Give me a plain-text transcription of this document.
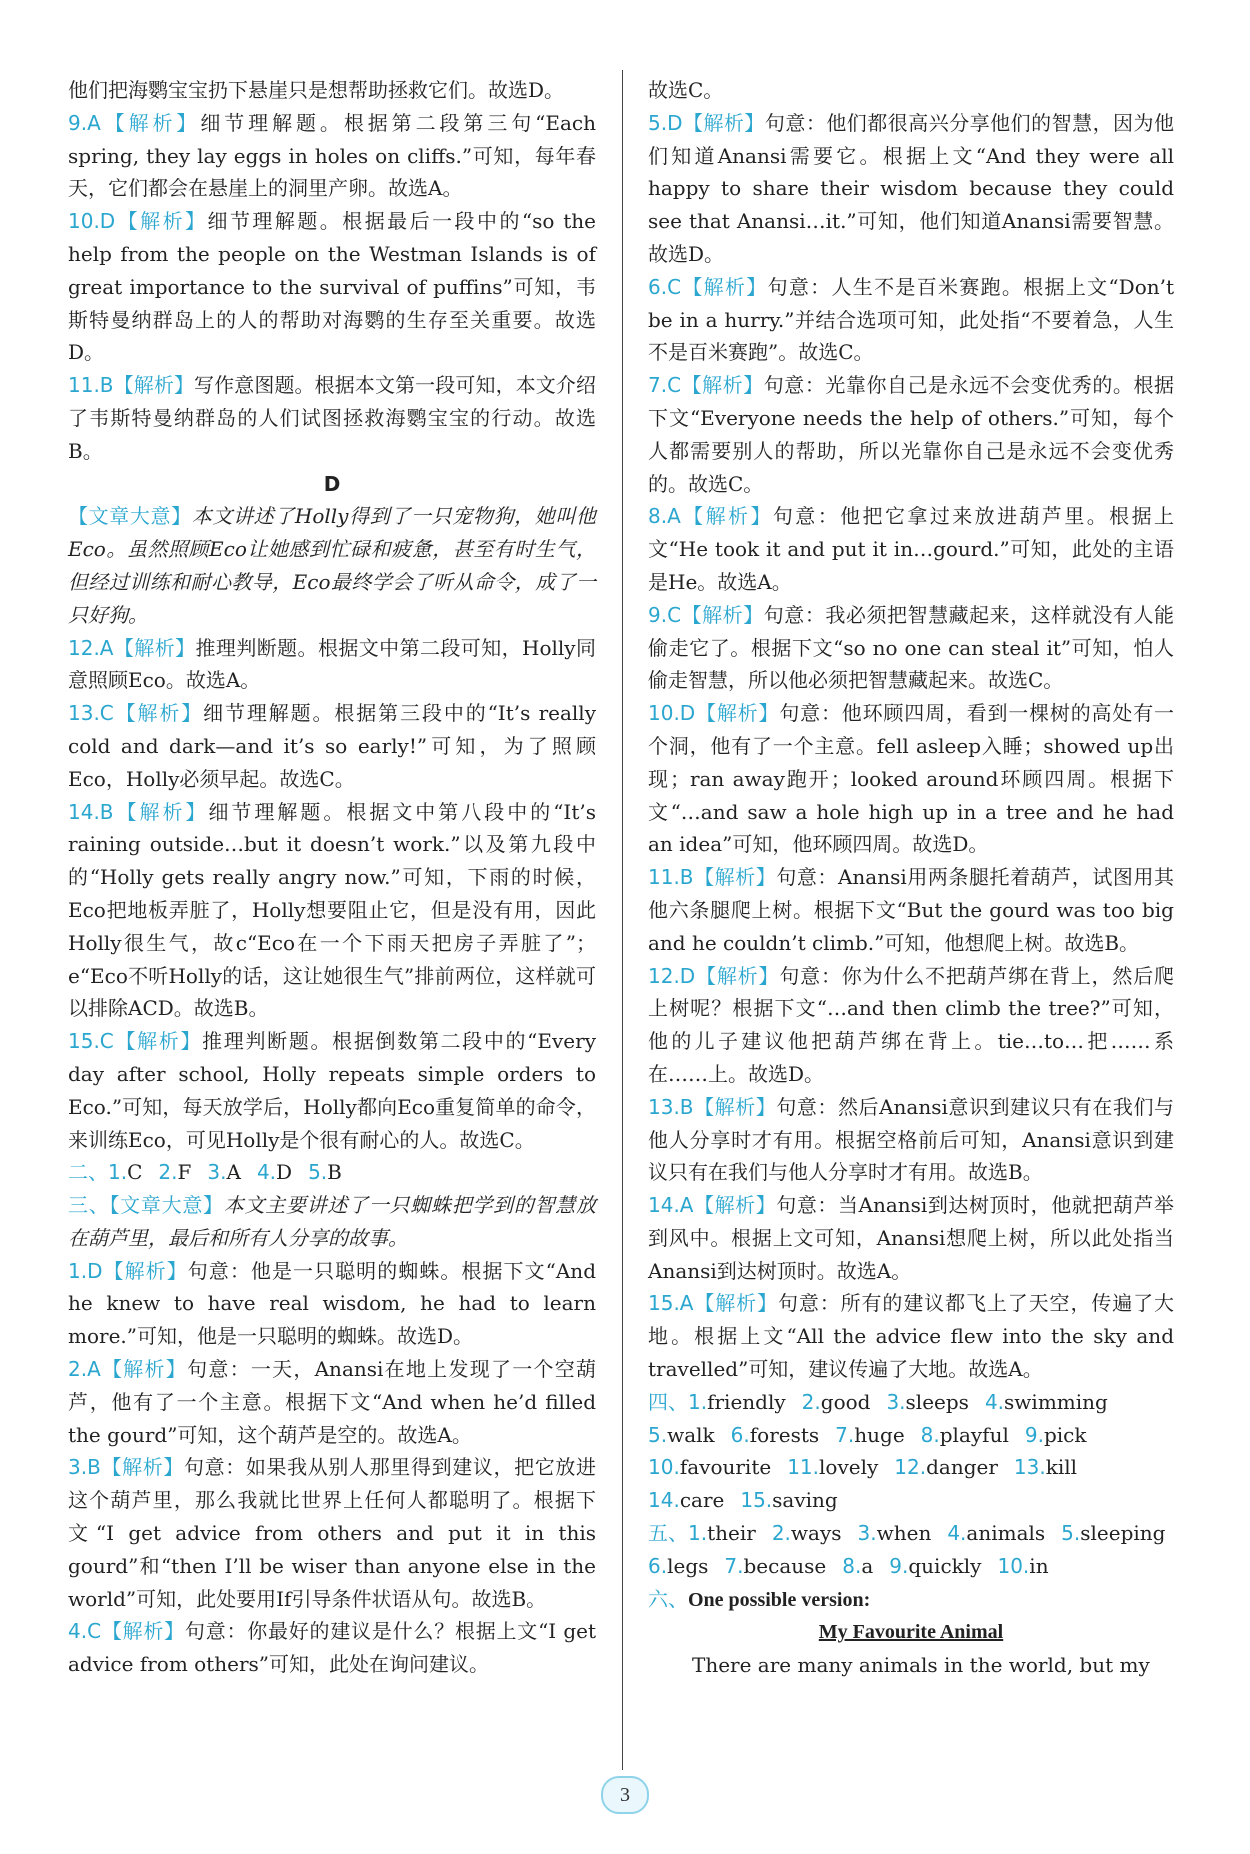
他们把海鹦宝宝扔下悬崖只是想帮助拯救它们。故选D。

9.A【解析】细节理解题。根据第二段第三句“Each spring, they lay eggs in holes on cliffs.”可知，每年春天，它们都会在悬崖上的洞里产卵。故选A。

10.D【解析】细节理解题。根据最后一段中的“so the help from the people on the Westman Islands is of great importance to the survival of puffins”可知，韦斯特曼纳群岛上的人的帮助对海鹦的生存至关重要。故选D。

11.B【解析】写作意图题。根据本文第一段可知，本文介绍了韦斯特曼纳群岛的人们试图拯救海鹦宝宝的行动。故选B。

D

【文章大意】本文讲述了Holly得到了一只宠物狗，她叫他Eco。虽然照顾Eco让她感到忙碌和疲惫，甚至有时生气，但经过训练和耐心教导，Eco最终学会了听从命令，成了一只好狗。

12.A【解析】推理判断题。根据文中第二段可知，Holly同意照顾Eco。故选A。

13.C【解析】细节理解题。根据第三段中的“It’s really cold and dark—and it’s so early!”可知，为了照顾Eco，Holly必须早起。故选C。

14.B【解析】细节理解题。根据文中第八段中的“It’s raining outside…but it doesn’t work.”以及第九段中的“Holly gets really angry now.”可知，下雨的时候，Eco把地板弄脏了，Holly想要阻止它，但是没有用，因此Holly很生气，故c“Eco在一个下雨天把房子弄脏了”；e“Eco不听Holly的话，这让她很生气”排前两位，这样就可以排除ACD。故选B。

15.C【解析】推理判断题。根据倒数第二段中的“Every day after school, Holly repeats simple orders to Eco.”可知，每天放学后，Holly都向Eco重复简单的命令，来训练Eco，可见Holly是个很有耐心的人。故选C。

二、1.C 2.F 3.A 4.D 5.B

三、【文章大意】本文主要讲述了一只蜘蛛把学到的智慧放在葫芦里，最后和所有人分享的故事。

1.D【解析】句意：他是一只聪明的蜘蛛。根据下文“And he knew to have real wisdom, he had to learn more.”可知，他是一只聪明的蜘蛛。故选D。

2.A【解析】句意：一天，Anansi在地上发现了一个空葫芦，他有了一个主意。根据下文“And when he’d filled the gourd”可知，这个葫芦是空的。故选A。

3.B【解析】句意：如果我从别人那里得到建议，把它放进这个葫芦里，那么我就比世界上任何人都聪明了。根据下文“I get advice from others and put it in this gourd”和“then I’ll be wiser than anyone else in the world”可知，此处要用If引导条件状语从句。故选B。

4.C【解析】句意：你最好的建议是什么？根据上文“I get advice from others”可知，此处在询问建议。

故选C。

5.D【解析】句意：他们都很高兴分享他们的智慧，因为他们知道Anansi需要它。根据上文“And they were all happy to share their wisdom because they could see that Anansi…it.”可知，他们知道Anansi需要智慧。故选D。

6.C【解析】句意：人生不是百米赛跑。根据上文“Don’t be in a hurry.”并结合选项可知，此处指“不要着急，人生不是百米赛跑”。故选C。

7.C【解析】句意：光靠你自己是永远不会变优秀的。根据下文“Everyone needs the help of others.”可知，每个人都需要别人的帮助，所以光靠你自己是永远不会变优秀的。故选C。

8.A【解析】句意：他把它拿过来放进葫芦里。根据上文“He took it and put it in…gourd.”可知，此处的主语是He。故选A。

9.C【解析】句意：我必须把智慧藏起来，这样就没有人能偷走它了。根据下文“so no one can steal it”可知，怕人偷走智慧，所以他必须把智慧藏起来。故选C。

10.D【解析】句意：他环顾四周，看到一棵树的高处有一个洞，他有了一个主意。fell asleep入睡；showed up出现；ran away跑开；looked around环顾四周。根据下文“…and saw a hole high up in a tree and he had an idea”可知，他环顾四周。故选D。

11.B【解析】句意：Anansi用两条腿托着葫芦，试图用其他六条腿爬上树。根据下文“But the gourd was too big and he couldn’t climb.”可知，他想爬上树。故选B。

12.D【解析】句意：你为什么不把葫芦绑在背上，然后爬上树呢？根据下文“…and then climb the tree?”可知，他的儿子建议他把葫芦绑在背上。tie…to…把……系在……上。故选D。

13.B【解析】句意：然后Anansi意识到建议只有在我们与他人分享时才有用。根据空格前后可知，Anansi意识到建议只有在我们与他人分享时才有用。故选B。

14.A【解析】句意：当Anansi到达树顶时，他就把葫芦举到风中。根据上文可知，Anansi想爬上树，所以此处指当Anansi到达树顶时。故选A。

15.A【解析】句意：所有的建议都飞上了天空，传遍了大地。根据上文“All the advice flew into the sky and travelled”可知，建议传遍了大地。故选A。

四、1.friendly 2.good 3.sleeps 4.swimming

5.walk 6.forests 7.huge 8.playful 9.pick

10.favourite 11.lovely 12.danger 13.kill

14.care 15.saving

五、1.their 2.ways 3.when 4.animals 5.sleeping

6.legs 7.because 8.a 9.quickly 10.in

六、One possible version:

My Favourite Animal

There are many animals in the world, but my

3
